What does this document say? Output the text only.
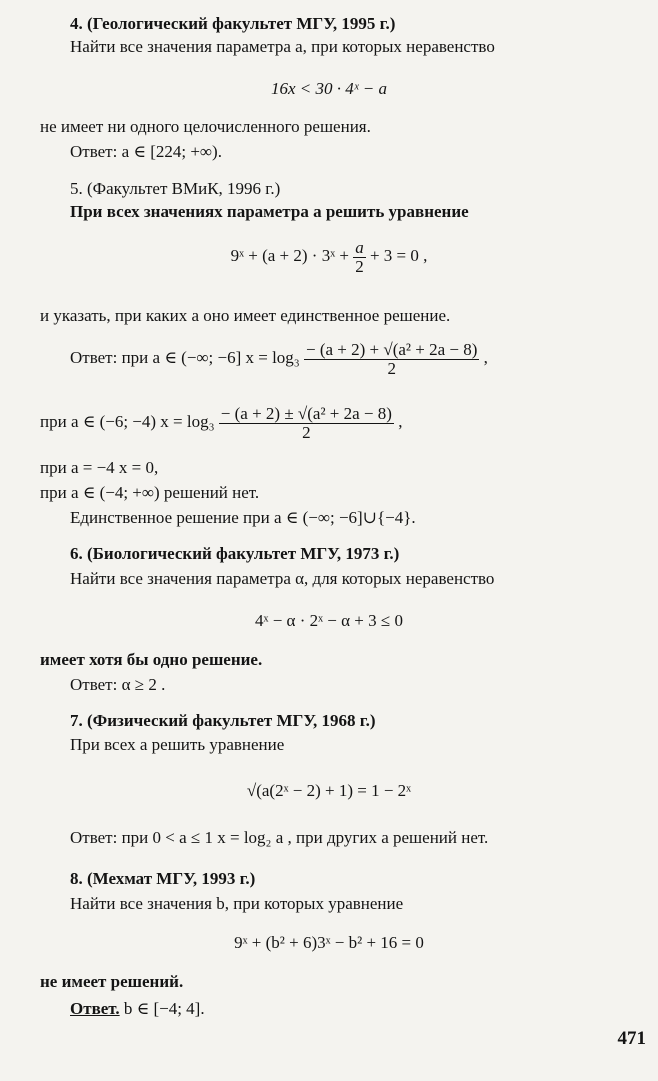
4. (Геологический факультет МГУ, 1995 г.)
Найти все значения параметра a, при которых неравенство
16x < 30 · 4ˣ − a
не имеет ни одного целочисленного решения.
Ответ: a ∈ [224; +∞).
5. (Факультет ВМиК, 1996 г.)
При всех значениях параметра a решить уравнение
9ˣ + (a + 2) · 3ˣ + $\frac{a}{2} + 3 = 0$ ,
и указать, при каких a оно имеет единственное решение.
Ответ: при a ∈ (−∞; −6] $x = \log_3 \frac{\text{− (a + 2) + √(a² + 2a − 8)}}{2}$ ,
при a ∈ (−6; −4) $x = \log_3 \frac{\text{− (a + 2) ± √(a² + 2a − 8)}}{2}$ ,
при a = −4 x = 0,
при a ∈ (−4; +∞) решений нет.
Единственное решение при a ∈ (−∞; −6]∪{−4}.
6. (Биологический факультет МГУ, 1973 г.)
Найти все значения параметра α, для которых неравенство
4ˣ − α · 2ˣ − α + 3 ≤ 0
имеет хотя бы одно решение.
Ответ: α ≥ 2 .
7. (Физический факультет МГУ, 1968 г.)
При всех a решить уравнение
√(a(2ˣ − 2) + 1) = 1 − 2ˣ
Ответ: при 0 < a ≤ 1 x = log₂ a , при других a решений нет.
8. (Мехмат МГУ, 1993 г.)
Найти все значения b, при которых уравнение
9ˣ + (b² + 6)3ˣ − b² + 16 = 0
не имеет решений.
Ответ. b ∈ [−4; 4].
471
